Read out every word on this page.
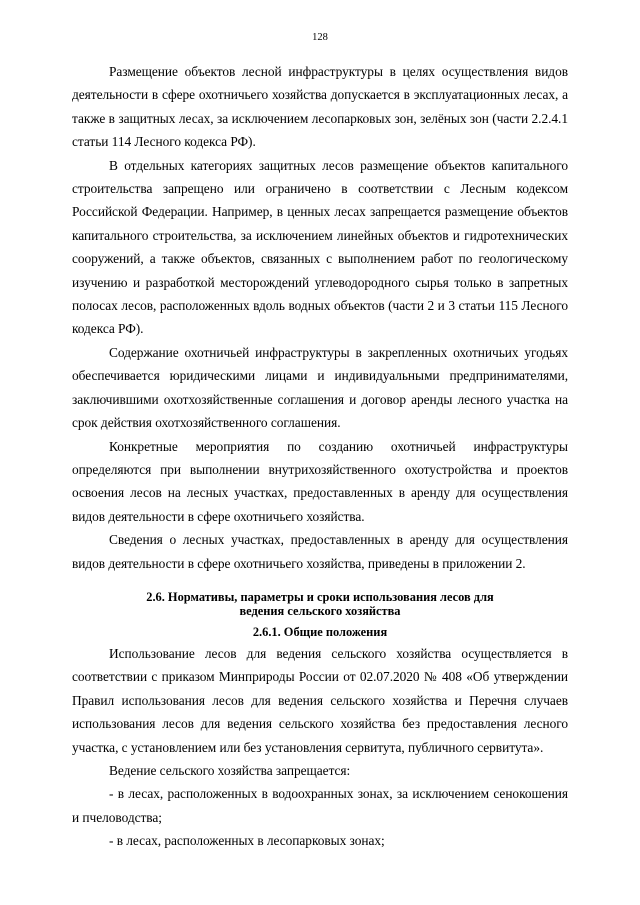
128

Размещение объектов лесной инфраструктуры в целях осуществления видов деятельности в сфере охотничьего хозяйства допускается в эксплуатационных лесах, а также в защитных лесах, за исключением лесопарковых зон, зелёных зон (части 2.2.4.1 статьи 114 Лесного кодекса РФ).

В отдельных категориях защитных лесов размещение объектов капитального строительства запрещено или ограничено в соответствии с Лесным кодексом Российской Федерации. Например, в ценных лесах запрещается размещение объектов капитального строительства, за исключением линейных объектов и гидротехнических сооружений, а также объектов, связанных с выполнением работ по геологическому изучению и разработкой месторождений углеводородного сырья только в запретных полосах лесов, расположенных вдоль водных объектов (части 2 и 3 статьи 115 Лесного кодекса РФ).

Содержание охотничьей инфраструктуры в закрепленных охотничьих угодьях обеспечивается юридическими лицами и индивидуальными предпринимателями, заключившими охотхозяйственные соглашения и договор аренды лесного участка на срок действия охотхозяйственного соглашения.

Конкретные мероприятия по созданию охотничьей инфраструктуры определяются при выполнении внутрихозяйственного охотустройства и проектов освоения лесов на лесных участках, предоставленных в аренду для осуществления видов деятельности в сфере охотничьего хозяйства.

Сведения о лесных участках, предоставленных в аренду для осуществления видов деятельности в сфере охотничьего хозяйства, приведены в приложении 2.

2.6. Нормативы, параметры и сроки использования лесов для
ведения сельского хозяйства
2.6.1. Общие положения

Использование лесов для ведения сельского хозяйства осуществляется в соответствии с приказом Минприроды России от 02.07.2020 № 408 «Об утверждении Правил использования лесов для ведения сельского хозяйства и Перечня случаев использования лесов для ведения сельского хозяйства без предоставления лесного участка, с установлением или без установления сервитута, публичного сервитута».

Ведение сельского хозяйства запрещается:

- в лесах, расположенных в водоохранных зонах, за исключением сенокошения и пчеловодства;

- в лесах, расположенных в лесопарковых зонах;
